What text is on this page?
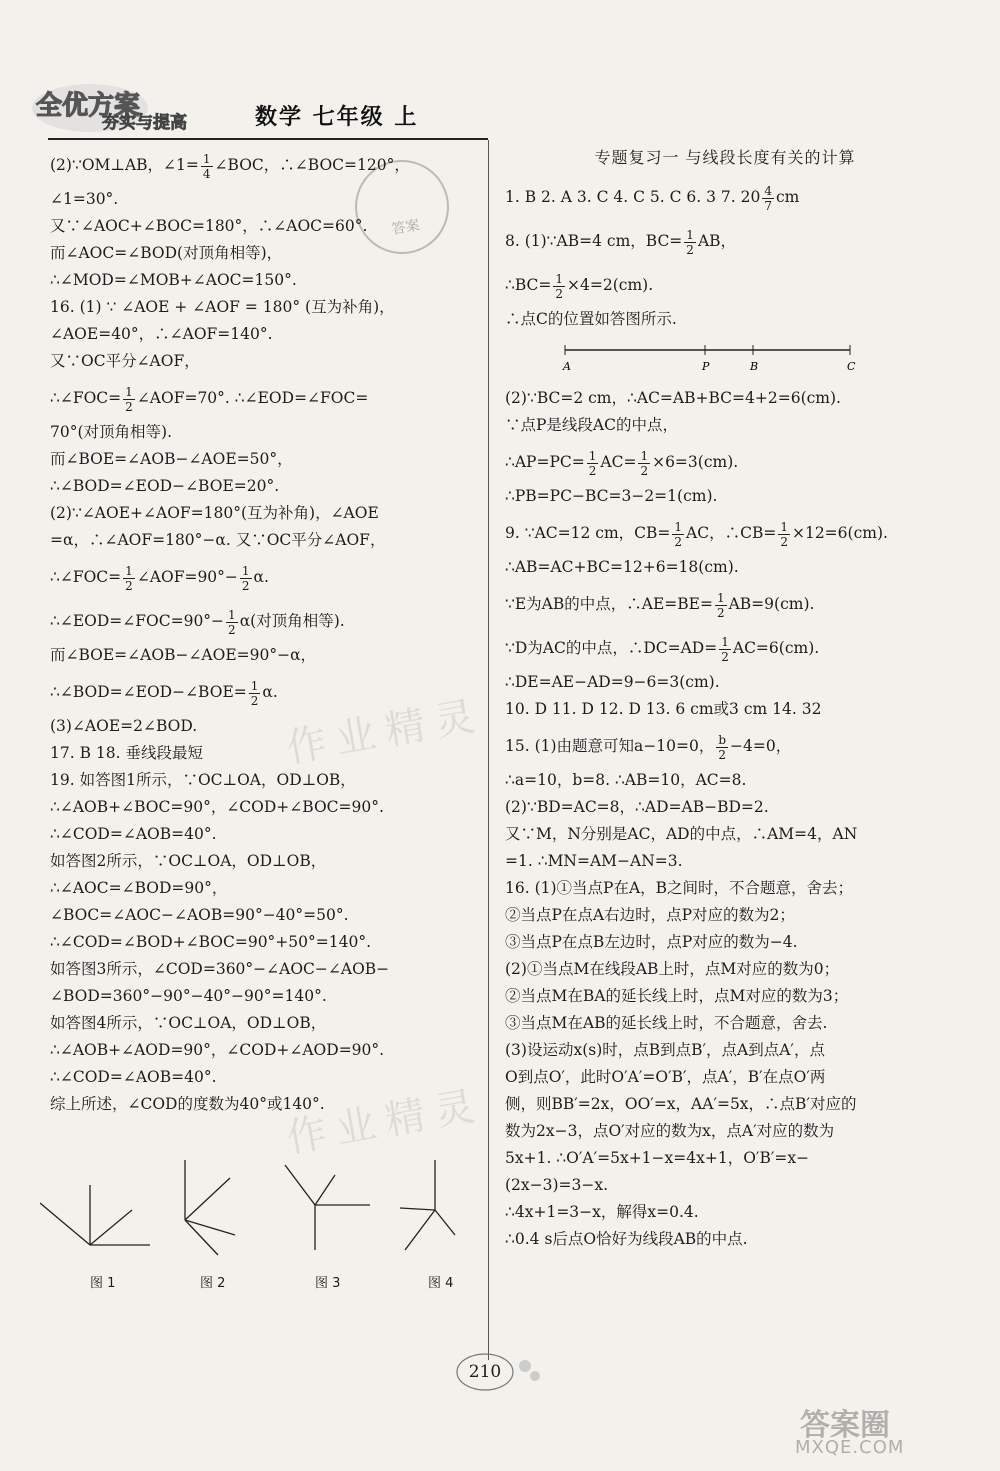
全优方案
夯实与提高	数学 七年级 上
答案
(2)∵OM⊥AB，∠1= $\frac{1}{4}$ ∠BOC，∴∠BOC=120°，
∠1=30°.
又∵∠AOC+∠BOC=180°，∴∠AOC=60°.
而∠AOC=∠BOD(对顶角相等)，
∴∠MOD=∠MOB+∠AOC=150°.
16. (1) ∵ ∠AOE + ∠AOF = 180° (互为补角)，
∠AOE=40°，∴∠AOF=140°.
又∵OC平分∠AOF，
∴∠FOC= $\frac{1}{2}$ ∠AOF=70°. ∴∠EOD=∠FOC=
70°(对顶角相等).
而∠BOE=∠AOB−∠AOE=50°，
∴∠BOD=∠EOD−∠BOE=20°.
(2)∵∠AOE+∠AOF=180°(互为补角)，∠AOE
=α，∴∠AOF=180°−α. 又∵OC平分∠AOF，
∴∠FOC= $\frac{1}{2}$ ∠AOF=90°− $\frac{1}{2} \alpha$.
∴∠EOD=∠FOC=90°− $\frac{1}{2} \alpha$(对顶角相等).
而∠BOE=∠AOB−∠AOE=90°−α，
∴∠BOD=∠EOD−∠BOE= $\frac{1}{2} \alpha$.
(3)∠AOE=2∠BOD.
17. B 18. 垂线段最短
19. 如答图1所示，∵OC⊥OA，OD⊥OB，
∴∠AOB+∠BOC=90°，∠COD+∠BOC=90°.
∴∠COD=∠AOB=40°.
如答图2所示，∵OC⊥OA，OD⊥OB，
∴∠AOC=∠BOD=90°，
∠BOC=∠AOC−∠AOB=90°−40°=50°.
∴∠COD=∠BOD+∠BOC=90°+50°=140°.
如答图3所示，∠COD=360°−∠AOC−∠AOB−
∠BOD=360°−90°−40°−90°=140°.
如答图4所示，∵OC⊥OA，OD⊥OB，
∴∠AOB+∠AOD=90°，∠COD+∠AOD=90°.
∴∠COD=∠AOB=40°.
综上所述，∠COD的度数为40°或140°.
图 1	图 2	图 3	图 4
专题复习一 与线段长度有关的计算
1. B 2. A 3. C 4. C 5. C 6. 3 7. $20 \frac{4}{7}$ cm
8. (1)∵AB=4 cm，$BC= \frac{1}{2}$ AB，
∴BC= $\frac{1}{2} \times 4=2(cm)$.
∴点C的位置如答图所示.
A	P	B	C
(2)∵BC=2 cm，∴AC=AB+BC=4+2=6(cm).
∵点P是线段AC的中点，
∴AP=PC= $\frac{1}{2} AC= \frac{1}{2} \times 6=3(cm)$.
∴PB=PC−BC=3−2=1(cm).
9. ∵AC=12 cm，$CB= \frac{1}{2}$ AC，∴CB= $\frac{1}{2} \times 12=6(cm)$.
∴AB=AC+BC=12+6=18(cm).
∵E为AB的中点，∴AE=BE= $\frac{1}{2} AB=9(cm)$.
∵D为AC的中点，∴DC=AD= $\frac{1}{2} AC=6(cm)$.
∴DE=AE−AD=9−6=3(cm).
10. D 11. D 12. D 13. 6 cm或3 cm 14. 32
15. (1)由题意可知a−10=0， $\frac{b}{2} -4=0$，
∴a=10，b=8. ∴AB=10，AC=8.
(2)∵BD=AC=8，∴AD=AB−BD=2.
又∵M，N分别是AC，AD的中点，∴AM=4，AN
=1. ∴MN=AM−AN=3.
16. (1)①当点P在A，B之间时，不合题意，舍去；
②当点P在点A右边时，点P对应的数为2；
③当点P在点B左边时，点P对应的数为−4.
(2)①当点M在线段AB上时，点M对应的数为0；
②当点M在BA的延长线上时，点M对应的数为3；
③当点M在AB的延长线上时，不合题意，舍去.
(3)设运动x(s)时，点B到点B′，点A到点A′，点
O到点O′，此时O′A′=O′B′，点A′，B′在点O′两
侧，则BB′=2x，OO′=x，AA′=5x，∴点B′对应的
数为2x−3，点O′对应的数为x，点A′对应的数为
5x+1. ∴O′A′=5x+1−x=4x+1，O′B′=x−
(2x−3)=3−x.
∴4x+1=3−x，解得x=0.4.
∴0.4 s后点O恰好为线段AB的中点.
作业精灵
作业精灵
210
答案圈
MXQE.COM
